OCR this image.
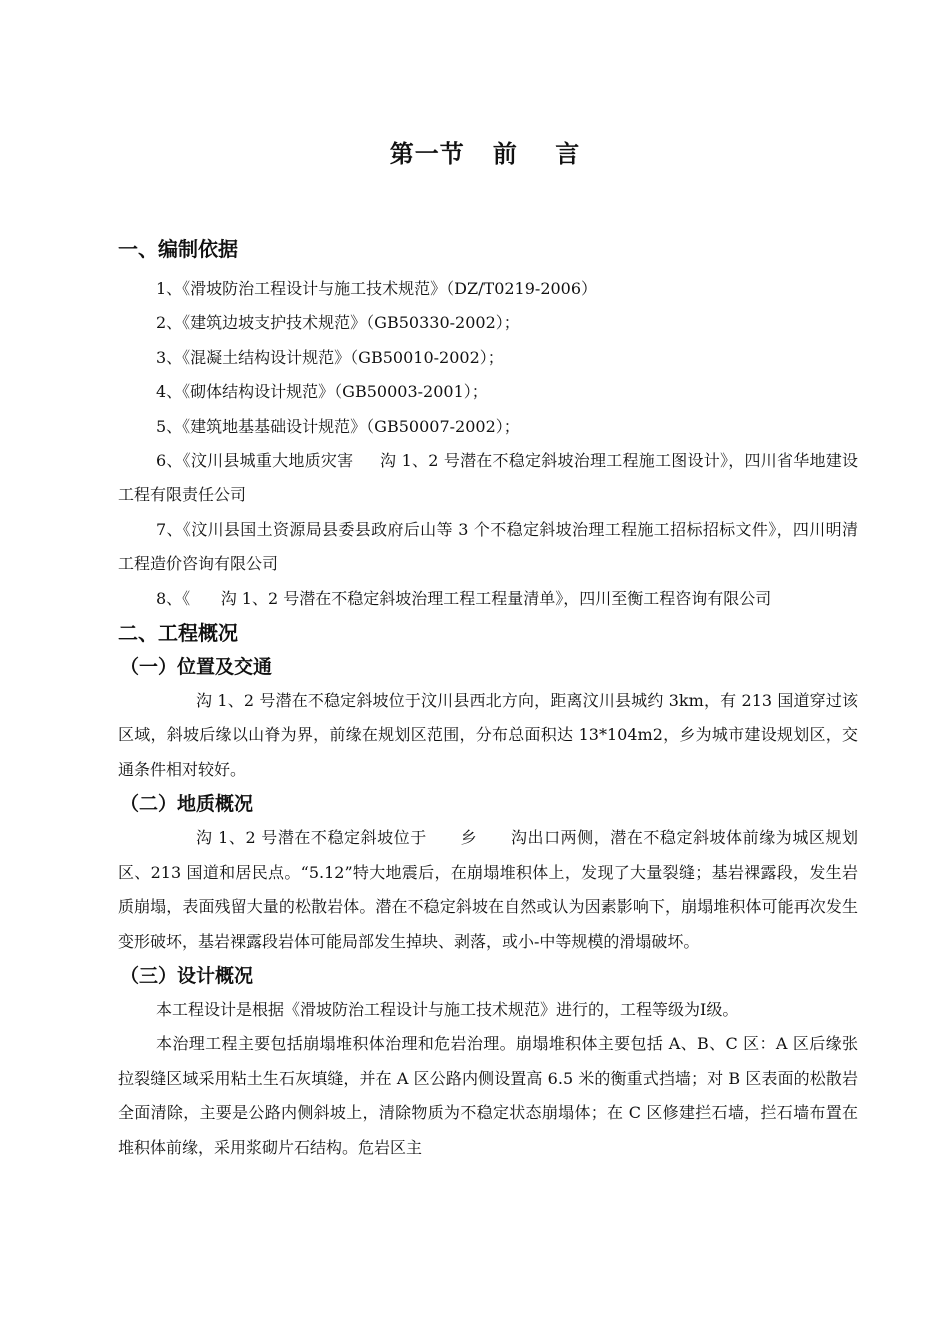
第一节   前    言
一、编制依据

1、《滑坡防治工程设计与施工技术规范》（DZ/T0219-2006）

2、《建筑边坡支护技术规范》（GB50330-2002）；

3、《混凝土结构设计规范》（GB50010-2002）；

4、《砌体结构设计规范》（GB50003-2001）；

5、《建筑地基基础设计规范》（GB50007-2002）；

6、《汶川县城重大地质灾害     沟 1、2 号潜在不稳定斜坡治理工程施工图设计》，四川省华地建设工程有限责任公司

7、《汶川县国土资源局县委县政府后山等 3 个不稳定斜坡治理工程施工招标招标文件》，四川明清工程造价咨询有限公司

8、《      沟 1、2 号潜在不稳定斜坡治理工程工程量清单》，四川至衡工程咨询有限公司

二、工程概况
（一）位置及交通

沟 1、2 号潜在不稳定斜坡位于汶川县西北方向，距离汶川县城约 3km，有 213 国道穿过该区域，斜坡后缘以山脊为界，前缘在规划区范围，分布总面积达 13*104m2，乡为城市建设规划区，交通条件相对较好。

（二）地质概况

沟 1、2 号潜在不稳定斜坡位于      乡      沟出口两侧，潜在不稳定斜坡体前缘为城区规划区、213 国道和居民点。“5.12”特大地震后，在崩塌堆积体上，发现了大量裂缝；基岩裸露段，发生岩质崩塌，表面残留大量的松散岩体。潜在不稳定斜坡在自然或认为因素影响下，崩塌堆积体可能再次发生变形破坏，基岩裸露段岩体可能局部发生掉块、剥落，或小-中等规模的滑塌破坏。

（三）设计概况

本工程设计是根据《滑坡防治工程设计与施工技术规范》进行的，工程等级为Ⅰ级。

本治理工程主要包括崩塌堆积体治理和危岩治理。崩塌堆积体主要包括 A、B、C 区：A 区后缘张拉裂缝区域采用粘土生石灰填缝，并在 A 区公路内侧设置高 6.5 米的衡重式挡墙；对 B 区表面的松散岩全面清除，主要是公路内侧斜坡上，清除物质为不稳定状态崩塌体；在 C 区修建拦石墙，拦石墙布置在堆积体前缘，采用浆砌片石结构。危岩区主
